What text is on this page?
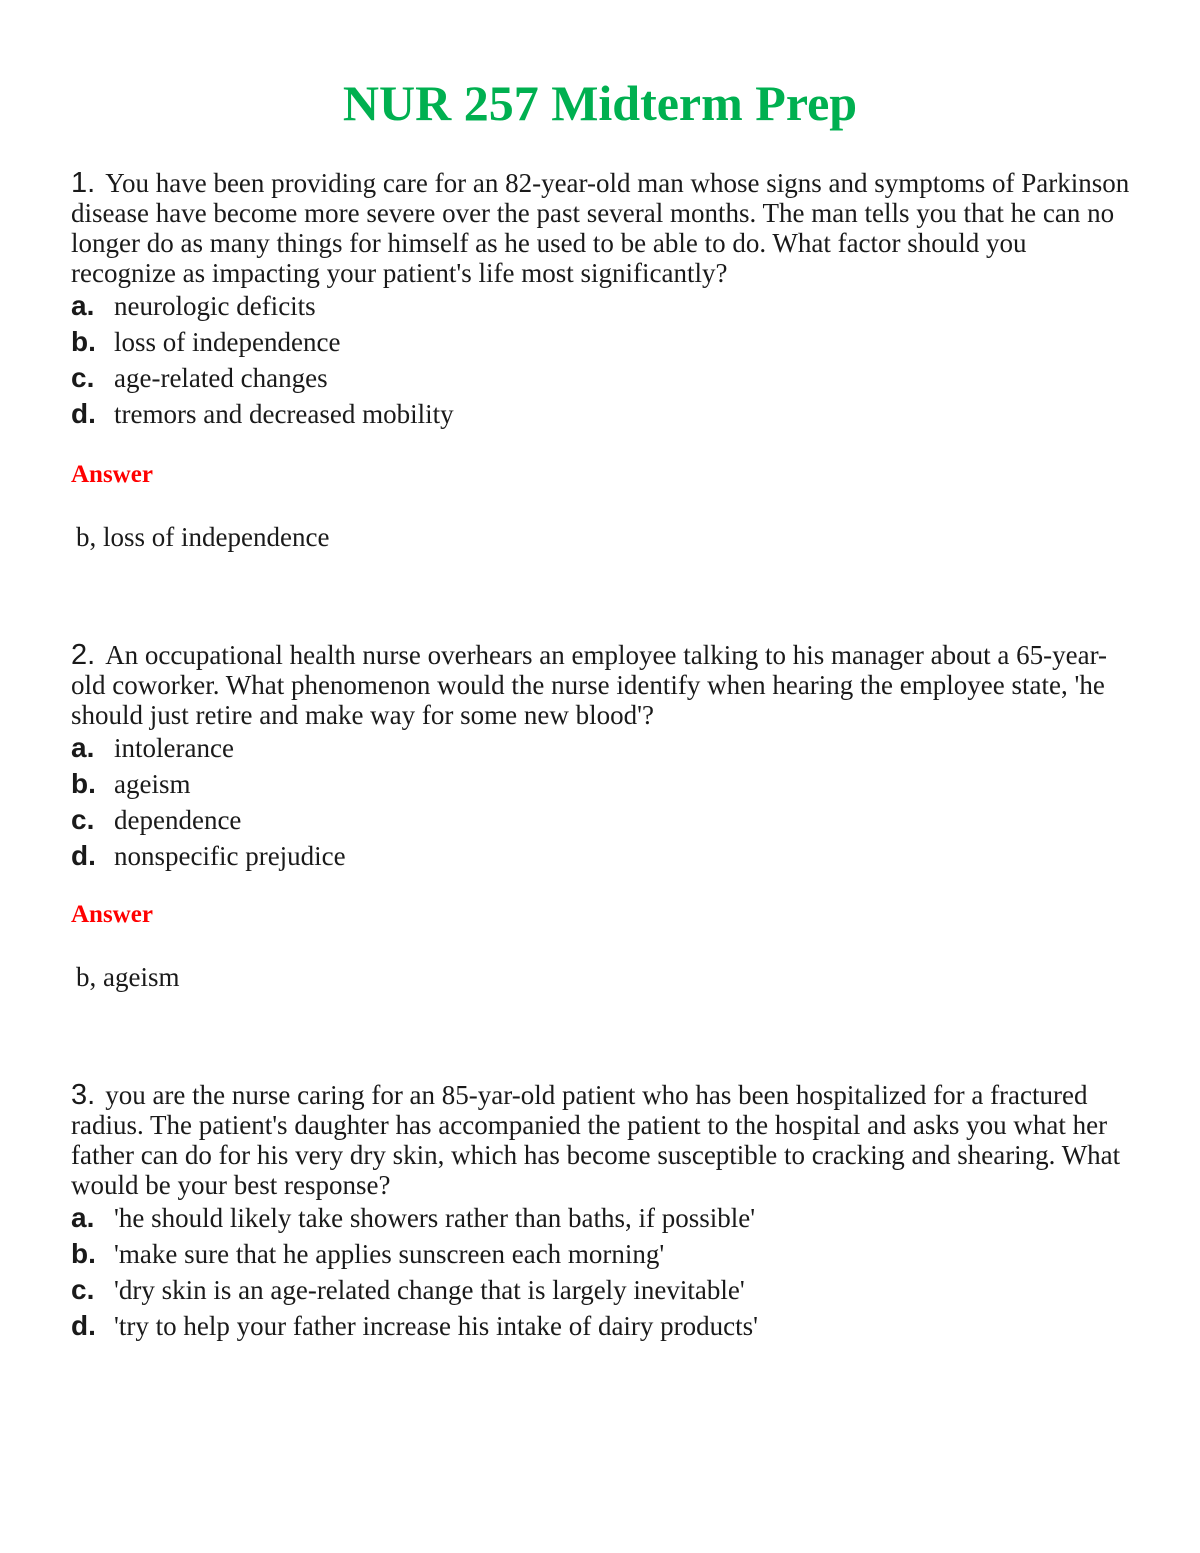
NUR 257 Midterm Prep

1. You have been providing care for an 82-year-old man whose signs and symptoms of Parkinson disease have become more severe over the past several months. The man tells you that he can no longer do as many things for himself as he used to be able to do. What factor should you recognize as impacting your patient's life most significantly?

a. neurologic deficits
b. loss of independence
c. age-related changes
d. tremors and decreased mobility
Answer
b, loss of independence

2. An occupational health nurse overhears an employee talking to his manager about a 65-year-old coworker. What phenomenon would the nurse identify when hearing the employee state, 'he should just retire and make way for some new blood'?

a. intolerance
b. ageism
c. dependence
d. nonspecific prejudice
Answer
b, ageism

3. you are the nurse caring for an 85-yar-old patient who has been hospitalized for a fractured radius. The patient's daughter has accompanied the patient to the hospital and asks you what her father can do for his very dry skin, which has become susceptible to cracking and shearing. What would be your best response?

a. 'he should likely take showers rather than baths, if possible'
b. 'make sure that he applies sunscreen each morning'
c. 'dry skin is an age-related change that is largely inevitable'
d. 'try to help your father increase his intake of dairy products'
